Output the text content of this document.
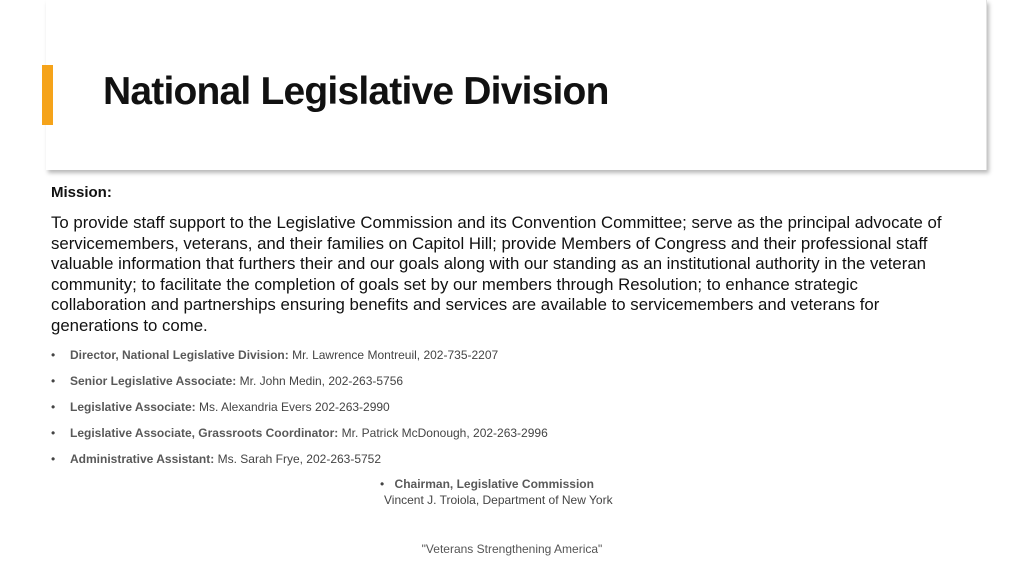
National Legislative Division
Mission:
To provide staff support to the Legislative Commission and its Convention Committee; serve as the principal advocate of servicemembers, veterans, and their families on Capitol Hill; provide Members of Congress and their professional staff valuable information that furthers their and our goals along with our standing as an institutional authority in the veteran community; to facilitate the completion of goals set by our members through Resolution; to enhance strategic collaboration and partnerships ensuring benefits and services are available to servicemembers and veterans for generations to come.
• Director, National Legislative Division: Mr. Lawrence Montreuil, 202-735-2207
• Senior Legislative Associate: Mr. John Medin, 202-263-5756
• Legislative Associate: Ms. Alexandria Evers 202-263-2990
• Legislative Associate, Grassroots Coordinator: Mr. Patrick McDonough, 202-263-2996
• Administrative Assistant: Ms. Sarah Frye, 202-263-5752
• Chairman, Legislative Commission
Vincent J. Troiola, Department of New York
"Veterans Strengthening America"
